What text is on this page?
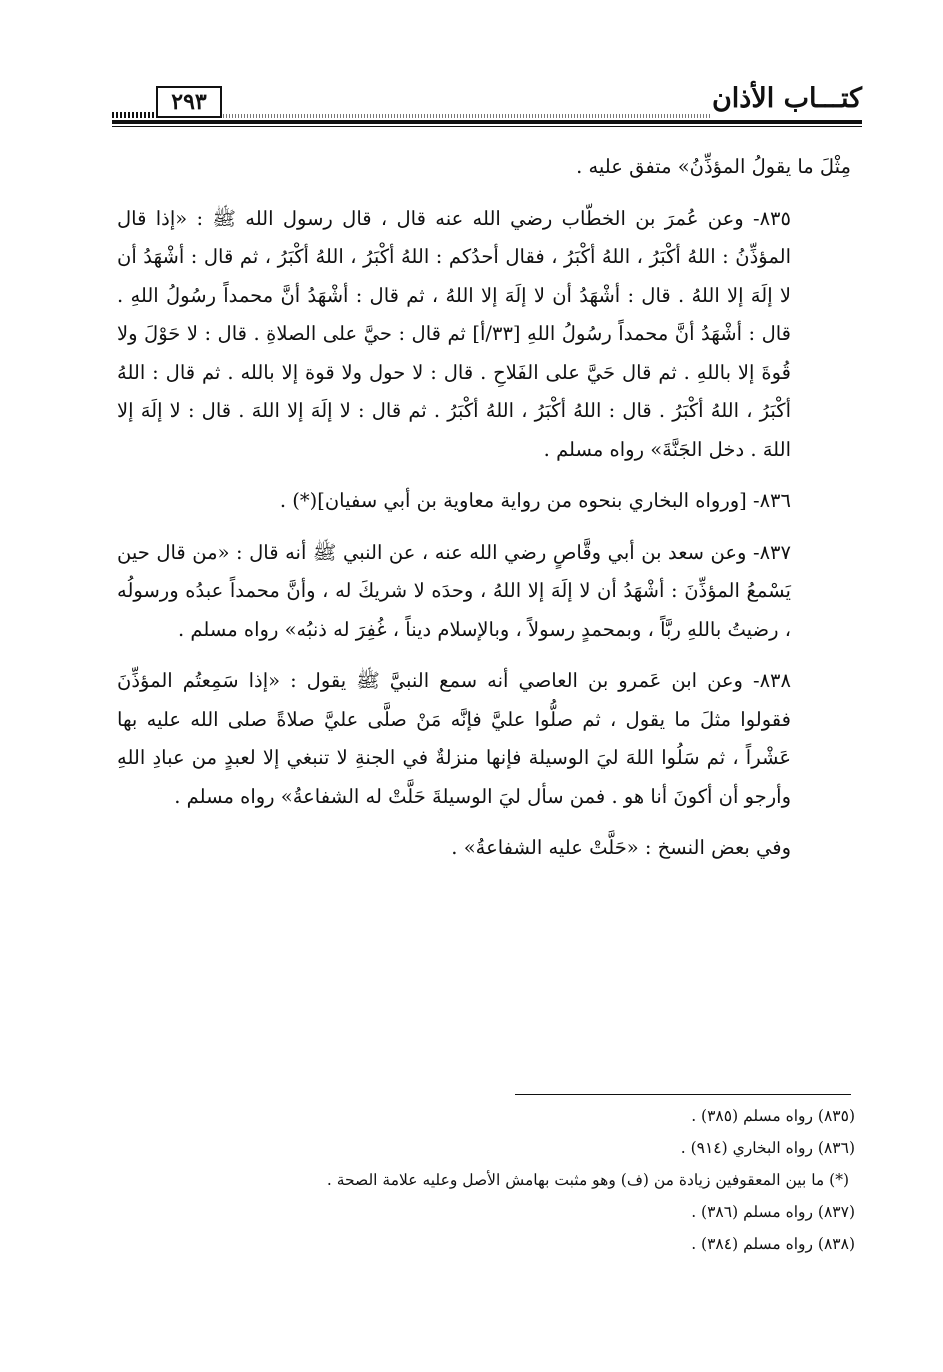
كتـــاب الأذان
٢٩٣

مِثْلَ ما يقولُ المؤذِّنُ» متفق عليه .

٨٣٥- وعن عُمرَ بن الخطّاب رضي الله عنه قال ، قال رسول الله ﷺ : «إذا قال المؤذِّنُ : اللهُ أكْبَرُ ، اللهُ أكْبَرُ ، فقال أحدُكم : اللهُ أكْبَرُ ، اللهُ أكْبَرُ ، ثم قال : أشْهَدُ أن لا إلَهَ إلا اللهُ . قال : أشْهَدُ أن لا إلَهَ إلا اللهُ ، ثم قال : أشْهَدُ أنَّ محمداً رسُولُ اللهِ . قال : أشْهَدُ أنَّ محمداً رسُولُ اللهِ [٣٣/أ] ثم قال : حيَّ على الصلاةِ . قال : لا حَوْلَ ولا قُوةَ إلا باللهِ . ثم قال حَيَّ على الفَلاحِ . قال : لا حول ولا قوة إلا بالله . ثم قال : اللهُ أكْبَرُ ، اللهُ أكْبَرُ . قال : اللهُ أكْبَرُ ، اللهُ أكْبَرُ . ثم قال : لا إلَهَ إلا اللهَ . قال : لا إلَهَ إلا اللهَ . دخل الجَنَّةَ» رواه مسلم .

٨٣٦- [ورواه البخاري بنحوه من رواية معاوية بن أبي سفيان](*) .

٨٣٧- وعن سعد بن أبي وقَّاصٍ رضي الله عنه ، عن النبي ﷺ أنه قال : «من قال حين يَسْمعُ المؤذِّنَ : أشْهَدُ أن لا إلَهَ إلا اللهُ ، وحدَه لا شريكَ له ، وأنَّ محمداً عبدُه ورسولُه ، رضيتُ باللهِ ربَّاً ، وبمحمدٍ رسولاً ، وبالإسلام ديناً ، غُفِرَ له ذنبُه» رواه مسلم .

٨٣٨- وعن ابن عَمرو بن العاصي أنه سمع النبيَّ ﷺ يقول : «إذا سَمِعتُم المؤذِّنَ فقولوا مثلَ ما يقول ، ثم صلُّوا عليَّ فإنَّه مَنْ صلَّى عليَّ صلاةً صلى الله عليه بها عَشْراً ، ثم سَلُوا اللهَ ليَ الوسيلة فإنها منزلةٌ في الجنةِ لا تنبغي إلا لعبدٍ من عبادِ اللهِ وأرجو أن أكونَ أنا هو . فمن سأل ليَ الوسيلةَ حَلَّتْ له الشفاعةُ» رواه مسلم .

وفي بعض النسخ : «حَلَّتْ عليه الشفاعةُ» .

(٨٣٥) رواه مسلم (٣٨٥) .
(٨٣٦) رواه البخاري (٩١٤) .
(*) ما بين المعقوفين زيادة من (ف) وهو مثبت بهامش الأصل وعليه علامة الصحة .
(٨٣٧) رواه مسلم (٣٨٦) .
(٨٣٨) رواه مسلم (٣٨٤) .
